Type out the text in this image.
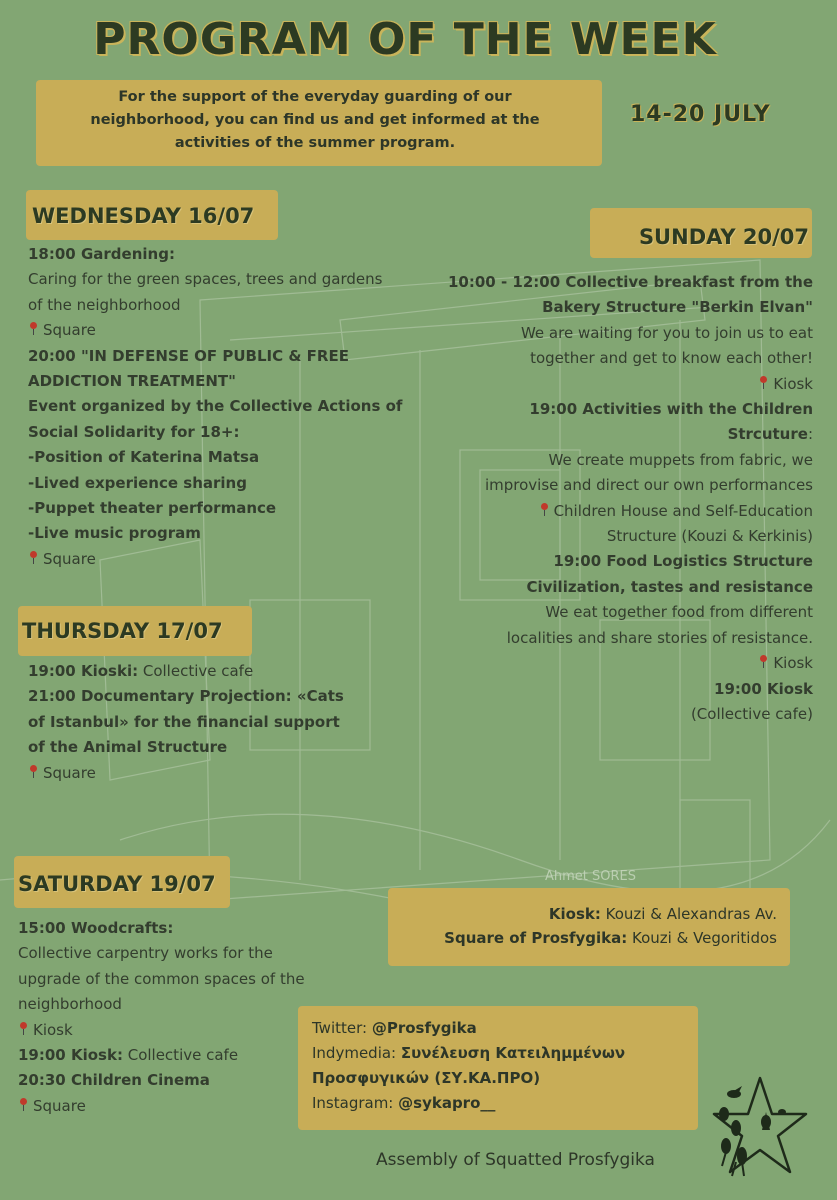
Ahmet SORES
PROGRAM OF THE WEEK
For the support of the everyday guarding of our
neighborhood, you can find us and get informed at the
activities of the summer program.
14-20 JULY
WEDNESDAY 16/07
18:00 Gardening:
Caring for the green spaces, trees and gardens
of the neighborhood
Square
20:00 "IN DEFENSE OF PUBLIC & FREE
ADDICTION TREATMENT"
Event organized by the Collective Actions of
Social Solidarity for 18+:
-Position of Katerina Matsa
-Lived experience sharing
-Puppet theater performance
-Live music program
Square
THURSDAY 17/07
19:00 Kioski: Collective cafe
21:00 Documentary Projection: «Cats
of Istanbul» for the financial support
of the Animal Structure
Square
SATURDAY 19/07
15:00 Woodcrafts:
Collective carpentry works for the
upgrade of the common spaces of the
neighborhood
Kiosk
19:00 Kiosk: Collective cafe
20:30 Children Cinema
Square
SUNDAY 20/07
10:00 - 12:00 Collective breakfast from the
Bakery Structure "Berkin Elvan"
We are waiting for you to join us to eat
together and get to know each other!
Kiosk
19:00 Activities with the Children
Strcuture:
We create muppets from fabric, we
improvise and direct our own performances
Children House and Self-Education
Structure (Kouzi & Kerkinis)
19:00 Food Logistics Structure
Civilization, tastes and resistance
We eat together food from different
localities and share stories of resistance.
Kiosk
19:00 Kiosk
(Collective cafe)
Kiosk: Kouzi & Alexandras Av.
Square of Prosfygika: Kouzi & Vegoritidos
Twitter: @Prosfygika
Indymedia: Συνέλευση Κατειλημμένων
Προσφυγικών (ΣΥ.ΚΑ.ΠΡΟ)
Instagram: @sykapro__
Assembly of Squatted Prosfygika
